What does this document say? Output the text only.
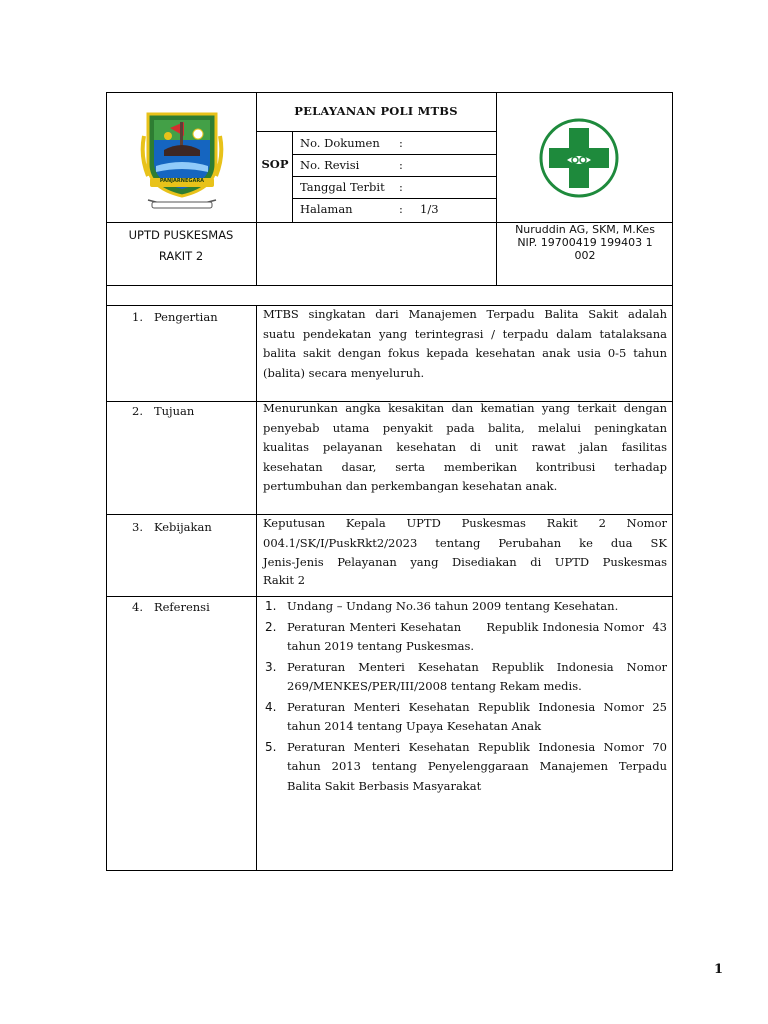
PANJARNEGARA
PELAYANAN POLI MTBS
SOP
No. Dokumen :
No. Revisi	:
Tanggal Terbit :
Halaman	: 1/3
UPTD PUSKESMAS
RAKIT 2
Nuruddin AG, SKM, M.Kes
NIP. 19700419 199403 1
002
1.   Pengertian	MTBS singkatan dari Manajemen Terpadu Balita Sakit adalah
suatu pendekatan yang terintegrasi / terpadu dalam tatalaksana
balita sakit dengan fokus kepada kesehatan anak usia 0-5 tahun
(balita) secara menyeluruh.
2.   Tujuan	Menurunkan angka kesakitan dan kematian yang terkait dengan
penyebab utama penyakit pada balita, melalui peningkatan
kualitas pelayanan kesehatan di unit rawat jalan fasilitas
kesehatan dasar, serta memberikan kontribusi terhadap
pertumbuhan dan perkembangan kesehatan anak.
3.   Kebijakan	Keputusan Kepala UPTD Puskesmas Rakit 2 Nomor
004.1/SK/I/PuskRkt2/2023 tentang Perubahan ke dua SK
Jenis-Jenis Pelayanan yang Disediakan di UPTD Puskesmas
Rakit 2
4.   Referensi	1. Undang – Undang No.36 tahun 2009 tentang Kesehatan.
2. Peraturan Menteri Kesehatan      Republik Indonesia Nomor  43 tahun 2019 tentang Puskesmas.
3. Peraturan Menteri Kesehatan Republik Indonesia Nomor 269/MENKES/PER/III/2008 tentang Rekam medis.
4. Peraturan Menteri Kesehatan Republik Indonesia Nomor 25 tahun 2014 tentang Upaya Kesehatan Anak
5. Peraturan Menteri Kesehatan Republik Indonesia Nomor 70 tahun 2013 tentang Penyelenggaraan Manajemen Terpadu Balita Sakit Berbasis Masyarakat
1
